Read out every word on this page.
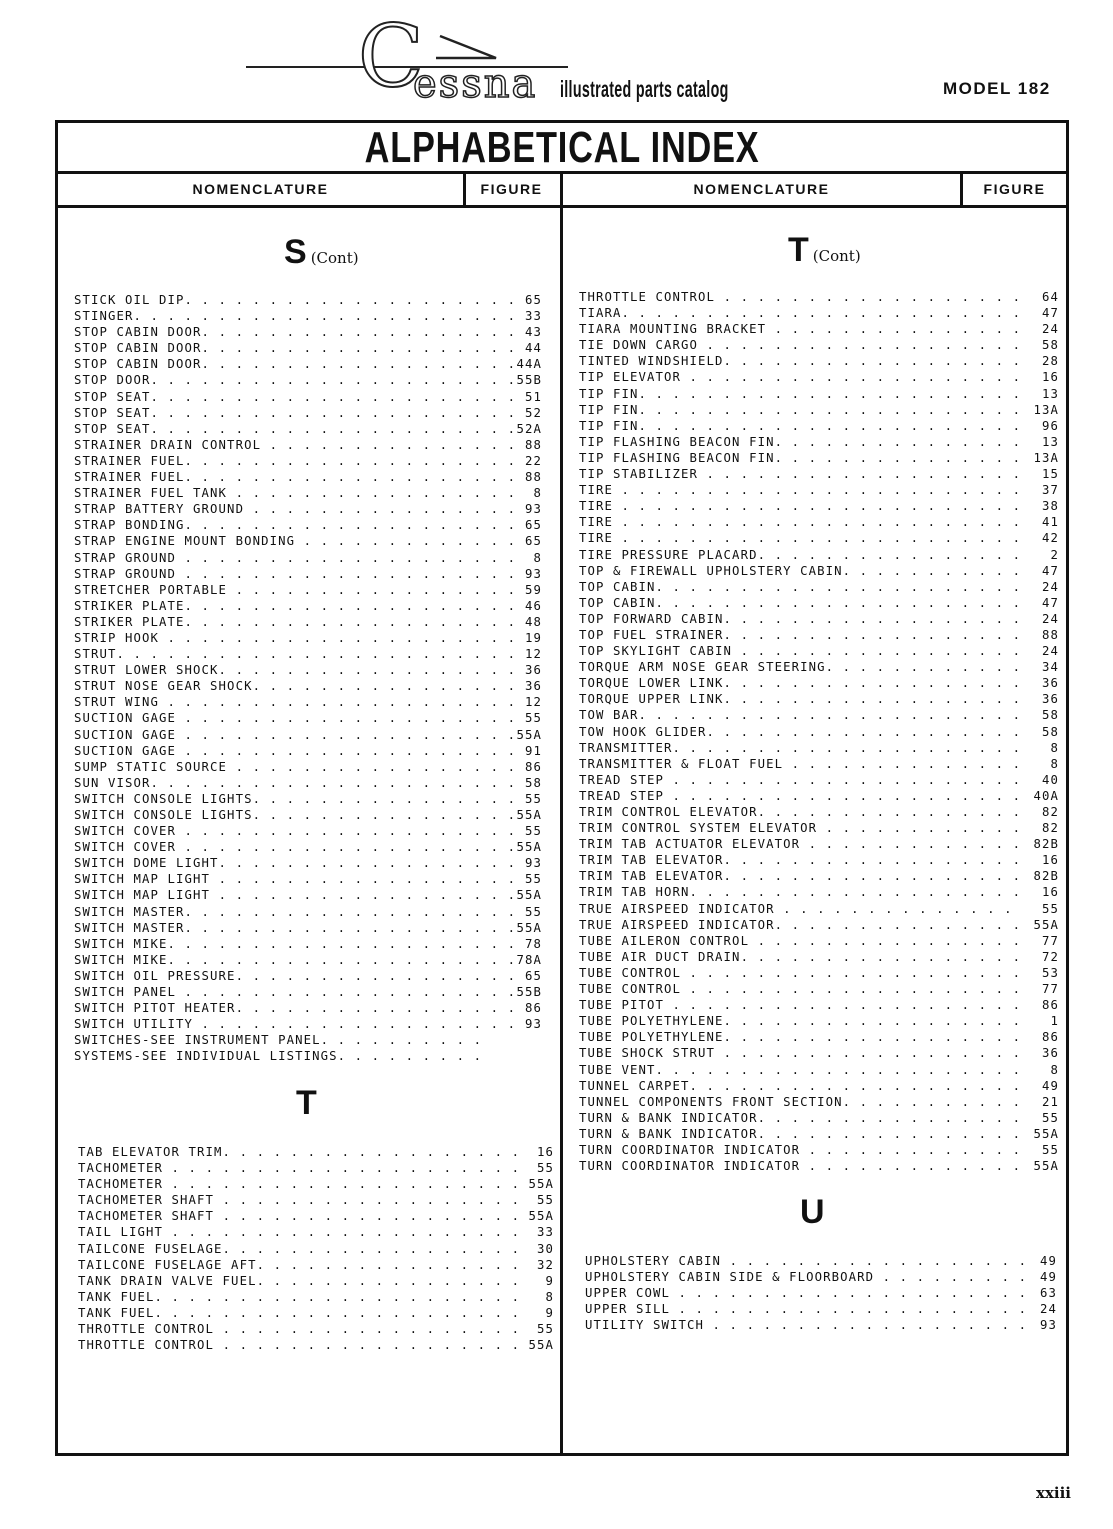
C
essna illustrated parts catalog	MODEL 182
ALPHABETICAL INDEX
NOMENCLATURE	FIGURE	NOMENCLATURE	FIGURE
S (Cont)
STICK OIL DIP. . . . . . . . . . . . . . . . . . . . 65
STINGER. . . . . . . . . . . . . . . . . . . . . . . 33
STOP CABIN DOOR. . . . . . . . . . . . . . . . . . . 43
STOP CABIN DOOR. . . . . . . . . . . . . . . . . . . 44
STOP CABIN DOOR. . . . . . . . . . . . . . . . . . . 44A
STOP DOOR. . . . . . . . . . . . . . . . . . . . . . 55B
STOP SEAT. . . . . . . . . . . . . . . . . . . . . . 51
STOP SEAT. . . . . . . . . . . . . . . . . . . . . . 52
STOP SEAT. . . . . . . . . . . . . . . . . . . . . . 52A
STRAINER DRAIN CONTROL . . . . . . . . . . . . . . . 88
STRAINER FUEL. . . . . . . . . . . . . . . . . . . . 22
STRAINER FUEL. . . . . . . . . . . . . . . . . . . . 88
STRAINER FUEL TANK . . . . . . . . . . . . . . . . . 8
STRAP BATTERY GROUND . . . . . . . . . . . . . . . . 93
STRAP BONDING. . . . . . . . . . . . . . . . . . . . 65
STRAP ENGINE MOUNT BONDING . . . . . . . . . . . . . 65
STRAP GROUND . . . . . . . . . . . . . . . . . . . . 8
STRAP GROUND . . . . . . . . . . . . . . . . . . . . 93
STRETCHER PORTABLE . . . . . . . . . . . . . . . . . 59
STRIKER PLATE. . . . . . . . . . . . . . . . . . . . 46
STRIKER PLATE. . . . . . . . . . . . . . . . . . . . 48
STRIP HOOK . . . . . . . . . . . . . . . . . . . . . 19
STRUT. . . . . . . . . . . . . . . . . . . . . . . . 12
STRUT LOWER SHOCK. . . . . . . . . . . . . . . . . . 36
STRUT NOSE GEAR SHOCK. . . . . . . . . . . . . . . . 36
STRUT WING . . . . . . . . . . . . . . . . . . . . . 12
SUCTION GAGE . . . . . . . . . . . . . . . . . . . . 55
SUCTION GAGE . . . . . . . . . . . . . . . . . . . . 55A
SUCTION GAGE . . . . . . . . . . . . . . . . . . . . 91
SUMP STATIC SOURCE . . . . . . . . . . . . . . . . . 86
SUN VISOR. . . . . . . . . . . . . . . . . . . . . . 58
SWITCH CONSOLE LIGHTS. . . . . . . . . . . . . . . . 55
SWITCH CONSOLE LIGHTS. . . . . . . . . . . . . . . . 55A
SWITCH COVER . . . . . . . . . . . . . . . . . . . . 55
SWITCH COVER . . . . . . . . . . . . . . . . . . . . 55A
SWITCH DOME LIGHT. . . . . . . . . . . . . . . . . . 93
SWITCH MAP LIGHT . . . . . . . . . . . . . . . . . . 55
SWITCH MAP LIGHT . . . . . . . . . . . . . . . . . . 55A
SWITCH MASTER. . . . . . . . . . . . . . . . . . . . 55
SWITCH MASTER. . . . . . . . . . . . . . . . . . . . 55A
SWITCH MIKE. . . . . . . . . . . . . . . . . . . . . 78
SWITCH MIKE. . . . . . . . . . . . . . . . . . . . . 78A
SWITCH OIL PRESSURE. . . . . . . . . . . . . . . . . 65
SWITCH PANEL . . . . . . . . . . . . . . . . . . . . 55B
SWITCH PITOT HEATER. . . . . . . . . . . . . . . . . 86
SWITCH UTILITY . . . . . . . . . . . . . . . . . . . 93
SWITCHES-SEE INSTRUMENT PANEL. . . . . . . . . .
SYSTEMS-SEE INDIVIDUAL LISTINGS. . . . . . . . .
T
TAB ELEVATOR TRIM. . . . . . . . . . . . . . . . . . 16
TACHOMETER . . . . . . . . . . . . . . . . . . . . . 55
TACHOMETER . . . . . . . . . . . . . . . . . . . . . 55A
TACHOMETER SHAFT . . . . . . . . . . . . . . . . . . 55
TACHOMETER SHAFT . . . . . . . . . . . . . . . . . . 55A
TAIL LIGHT . . . . . . . . . . . . . . . . . . . . . 33
TAILCONE FUSELAGE. . . . . . . . . . . . . . . . . . 30
TAILCONE FUSELAGE AFT. . . . . . . . . . . . . . . . 32
TANK DRAIN VALVE FUEL. . . . . . . . . . . . . . . . 9
TANK FUEL. . . . . . . . . . . . . . . . . . . . . . 8
TANK FUEL. . . . . . . . . . . . . . . . . . . . . . 9
THROTTLE CONTROL . . . . . . . . . . . . . . . . . . 55
THROTTLE CONTROL . . . . . . . . . . . . . . . . . . 55A
T (Cont)
THROTTLE CONTROL . . . . . . . . . . . . . . . . . . 64
TIARA. . . . . . . . . . . . . . . . . . . . . . . . 47
TIARA MOUNTING BRACKET . . . . . . . . . . . . . . . 24
TIE DOWN CARGO . . . . . . . . . . . . . . . . . . . 58
TINTED WINDSHIELD. . . . . . . . . . . . . . . . . . 28
TIP ELEVATOR . . . . . . . . . . . . . . . . . . . . 16
TIP FIN. . . . . . . . . . . . . . . . . . . . . . . 13
TIP FIN. . . . . . . . . . . . . . . . . . . . . . . 13A
TIP FIN. . . . . . . . . . . . . . . . . . . . . . . 96
TIP FLASHING BEACON FIN. . . . . . . . . . . . . . . 13
TIP FLASHING BEACON FIN. . . . . . . . . . . . . . . 13A
TIP STABILIZER . . . . . . . . . . . . . . . . . . . 15
TIRE . . . . . . . . . . . . . . . . . . . . . . . . 37
TIRE . . . . . . . . . . . . . . . . . . . . . . . . 38
TIRE . . . . . . . . . . . . . . . . . . . . . . . . 41
TIRE . . . . . . . . . . . . . . . . . . . . . . . . 42
TIRE PRESSURE PLACARD. . . . . . . . . . . . . . . . 2
TOP & FIREWALL UPHOLSTERY CABIN. . . . . . . . . . . 47
TOP CABIN. . . . . . . . . . . . . . . . . . . . . . 24
TOP CABIN. . . . . . . . . . . . . . . . . . . . . . 47
TOP FORWARD CABIN. . . . . . . . . . . . . . . . . . 24
TOP FUEL STRAINER. . . . . . . . . . . . . . . . . . 88
TOP SKYLIGHT CABIN . . . . . . . . . . . . . . . . . 24
TORQUE ARM NOSE GEAR STEERING. . . . . . . . . . . . 34
TORQUE LOWER LINK. . . . . . . . . . . . . . . . . . 36
TORQUE UPPER LINK. . . . . . . . . . . . . . . . . . 36
TOW BAR. . . . . . . . . . . . . . . . . . . . . . . 58
TOW HOOK GLIDER. . . . . . . . . . . . . . . . . . . 58
TRANSMITTER. . . . . . . . . . . . . . . . . . . . . 8
TRANSMITTER & FLOAT FUEL . . . . . . . . . . . . . . 8
TREAD STEP . . . . . . . . . . . . . . . . . . . . . 40
TREAD STEP . . . . . . . . . . . . . . . . . . . . . 40A
TRIM CONTROL ELEVATOR. . . . . . . . . . . . . . . . 82
TRIM CONTROL SYSTEM ELEVATOR . . . . . . . . . . . . 82
TRIM TAB ACTUATOR ELEVATOR . . . . . . . . . . . . . 82B
TRIM TAB ELEVATOR. . . . . . . . . . . . . . . . . . 16
TRIM TAB ELEVATOR. . . . . . . . . . . . . . . . . . 82B
TRIM TAB HORN. . . . . . . . . . . . . . . . . . . . 16
TRUE AIRSPEED INDICATOR . . . . . . . . . . . . . . 55
TRUE AIRSPEED INDICATOR. . . . . . . . . . . . . . . 55A
TUBE AILERON CONTROL . . . . . . . . . . . . . . . . 77
TUBE AIR DUCT DRAIN. . . . . . . . . . . . . . . . . 72
TUBE CONTROL . . . . . . . . . . . . . . . . . . . . 53
TUBE CONTROL . . . . . . . . . . . . . . . . . . . . 77
TUBE PITOT . . . . . . . . . . . . . . . . . . . . . 86
TUBE POLYETHYLENE. . . . . . . . . . . . . . . . . . 1
TUBE POLYETHYLENE. . . . . . . . . . . . . . . . . . 86
TUBE SHOCK STRUT . . . . . . . . . . . . . . . . . . 36
TUBE VENT. . . . . . . . . . . . . . . . . . . . . . 8
TUNNEL CARPET. . . . . . . . . . . . . . . . . . . . 49
TUNNEL COMPONENTS FRONT SECTION. . . . . . . . . . . 21
TURN & BANK INDICATOR. . . . . . . . . . . . . . . . 55
TURN & BANK INDICATOR. . . . . . . . . . . . . . . . 55A
TURN COORDINATOR INDICATOR . . . . . . . . . . . . . 55
TURN COORDINATOR INDICATOR . . . . . . . . . . . . . 55A
U
UPHOLSTERY CABIN . . . . . . . . . . . . . . . . . . 49
UPHOLSTERY CABIN SIDE & FLOORBOARD . . . . . . . . . 49
UPPER COWL . . . . . . . . . . . . . . . . . . . . . 63
UPPER SILL . . . . . . . . . . . . . . . . . . . . . 24
UTILITY SWITCH . . . . . . . . . . . . . . . . . . . 93
xxiii
